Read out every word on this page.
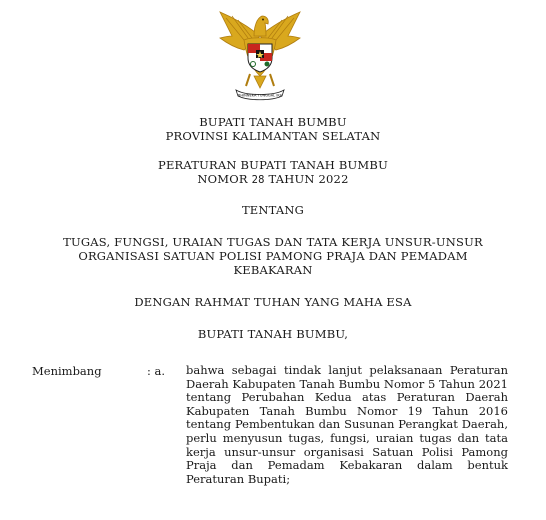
BHINNEKA TUNGGAL IKA
BUPATI TANAH BUMBU
PROVINSI KALIMANTAN SELATAN
PERATURAN BUPATI TANAH BUMBU
NOMOR 28 TAHUN 2022
TENTANG
TUGAS, FUNGSI, URAIAN TUGAS DAN TATA KERJA UNSUR-UNSUR
ORGANISASI SATUAN POLISI PAMONG PRAJA DAN PEMADAM
KEBAKARAN
DENGAN RAHMAT TUHAN YANG MAHA ESA
BUPATI TANAH BUMBU,
Menimbang	: a. bahwa sebagai tindak lanjut pelaksanaan Peraturan Daerah Kabupaten Tanah Bumbu Nomor 5 Tahun 2021 tentang Perubahan Kedua atas Peraturan Daerah Kabupaten Tanah Bumbu Nomor 19 Tahun 2016 tentang Pembentukan dan Susunan Perangkat Daerah, perlu menyusun tugas, fungsi, uraian tugas dan tata kerja unsur-unsur organisasi Satuan Polisi Pamong Praja dan Pemadam Kebakaran dalam bentuk Peraturan Bupati;
